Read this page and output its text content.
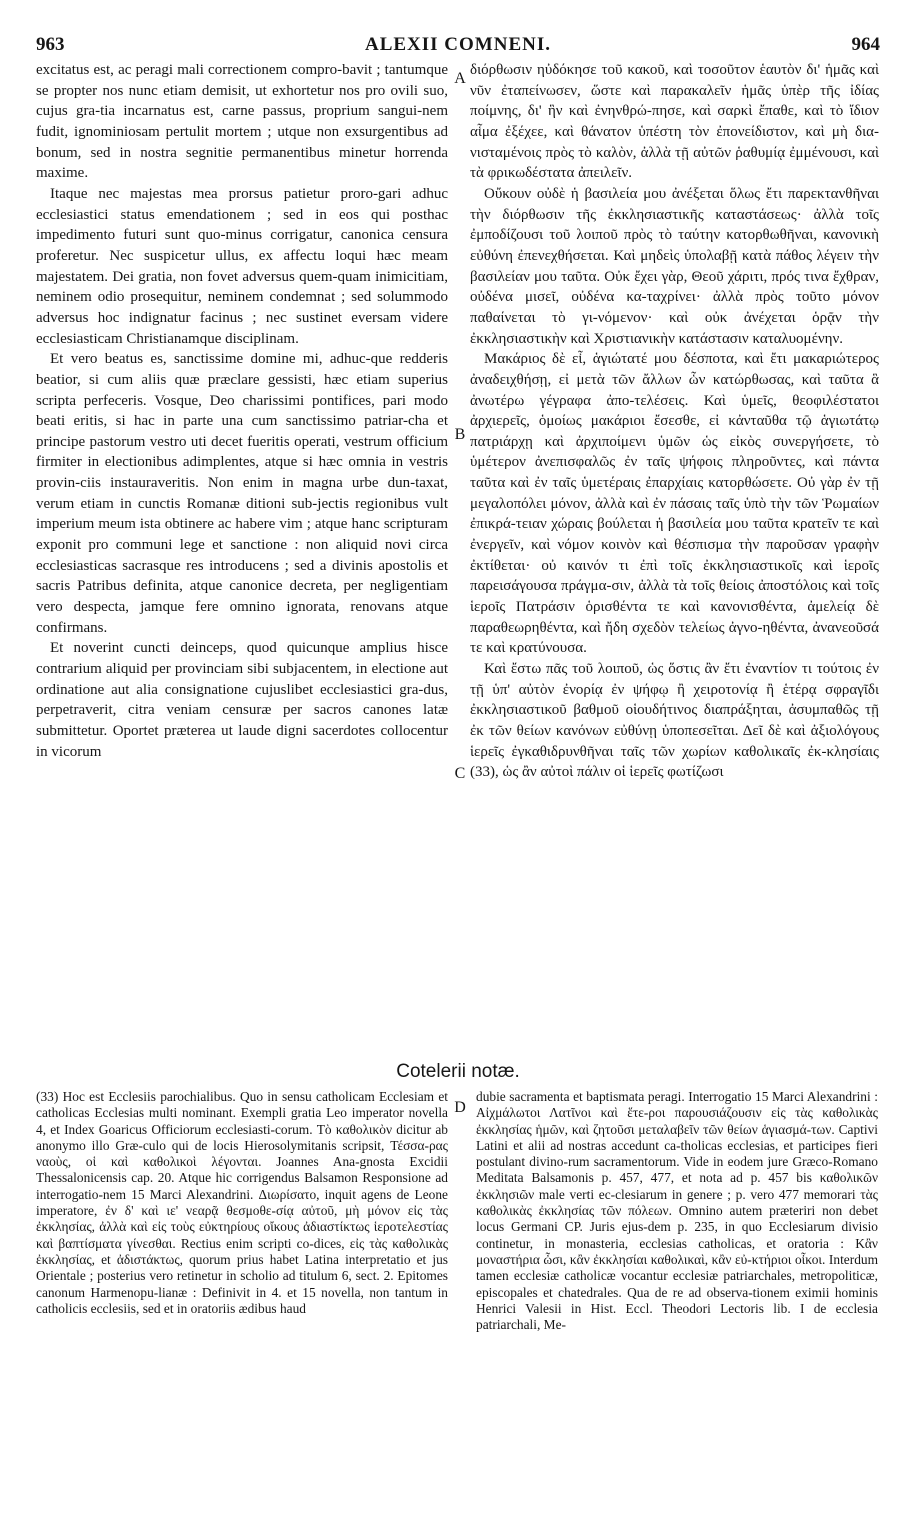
963	ALEXII COMNENI.	964

excitatus est, ac peragi mali correctionem compro-bavit ; tantumque se propter nos nunc etiam demisit, ut exhortetur nos pro ovili suo, cujus gra-tia incarnatus est, carne passus, proprium sangui-nem fudit, ignominiosam pertulit mortem ; utque non exsurgentibus ad bonum, sed in nostra segnitie permanentibus minetur horrenda maxime.

Itaque nec majestas mea prorsus patietur proro-gari adhuc ecclesiastici status emendationem ; sed in eos qui posthac impedimento futuri sunt quo-minus corrigatur, canonica censura proferetur. Nec suspicetur ullus, ex affectu loqui hæc meam majestatem. Dei gratia, non fovet adversus quem-quam inimicitiam, neminem odio prosequitur, neminem condemnat ; sed solummodo adversus hoc indignatur facinus ; nec sustinet eversam videre ecclesiasticam Christianamque disciplinam.

Et vero beatus es, sanctissime domine mi, adhuc-que redderis beatior, si cum aliis quæ præclare gessisti, hæc etiam superius scripta perfeceris. Vosque, Deo charissimi pontifices, pari modo beati eritis, si hac in parte una cum sanctissimo patriar-cha et principe pastorum vestro uti decet fueritis operati, vestrum officium firmiter in electionibus adimplentes, atque si hæc omnia in vestris provin-ciis instauraveritis. Non enim in magna urbe dun-taxat, verum etiam in cunctis Romanæ ditioni sub-jectis regionibus vult imperium meum ista obtinere ac habere vim ; atque hanc scripturam exponit pro communi lege et sanctione : non aliquid novi circa ecclesiasticas sacrasque res introducens ; sed a divinis apostolis et sacris Patribus definita, atque canonice decreta, per negligentiam vero despecta, jamque fere omnino ignorata, renovans atque confirmans.

Et noverint cuncti deinceps, quod quicunque amplius hisce contrarium aliquid per provinciam sibi subjacentem, in electione aut ordinatione aut alia consignatione cujuslibet ecclesiastici gra-dus, perpetraverit, citra veniam censuræ per sacros canones latæ submittetur. Oportet præterea ut laude digni sacerdotes collocentur in vicorum

διόρθωσιν ηὐδόκησε τοῦ κακοῦ, καὶ τοσοῦτον ἑαυτὸν δι' ἡμᾶς καὶ νῦν ἐταπείνωσεν, ὥστε καὶ παρακαλεῖν ἡμᾶς ὑπὲρ τῆς ἰδίας ποίμνης, δι' ἣν καὶ ἐνηνθρώ-πησε, καὶ σαρκὶ ἔπαθε, καὶ τὸ ἴδιον αἷμα ἐξέχεε, καὶ θάνατον ὑπέστη τὸν ἐπονείδιστον, καὶ μὴ δια-νισταμένοις πρὸς τὸ καλὸν, ἀλλὰ τῇ αὐτῶν ῥαθυμίᾳ ἐμμένουσι, καὶ τὰ φρικωδέστατα ἀπειλεῖν.

Οὔκουν οὐδὲ ἡ βασιλεία μου ἀνέξεται ὅλως ἔτι παρεκτανθῆναι τὴν διόρθωσιν τῆς ἐκκλησιαστικῆς καταστάσεως· ἀλλὰ τοῖς ἐμποδίζουσι τοῦ λοιποῦ πρὸς τὸ ταύτην κατορθωθῆναι, κανονικὴ εὐθύνη ἐπενεχθήσεται. Καὶ μηδεὶς ὑπολαβῇ κατὰ πάθος λέγειν τὴν βασιλείαν μου ταῦτα. Οὐκ ἔχει γὰρ, Θεοῦ χάριτι, πρός τινα ἔχθραν, οὐδένα μισεῖ, οὐδένα κα-ταχρίνει· ἀλλὰ πρὸς τοῦτο μόνον παθαίνεται τὸ γι-νόμενον· καὶ οὐκ ἀνέχεται ὁρᾷν τὴν ἐκκλησιαστικὴν καὶ Χριστιανικὴν κατάστασιν καταλυομένην.

Μακάριος δὲ εἶ, ἁγιώτατέ μου δέσποτα, καὶ ἔτι μακαριώτερος ἀναδειχθήσῃ, εἰ μετὰ τῶν ἄλλων ὧν κατώρθωσας, καὶ ταῦτα ἃ ἀνωτέρω γέγραφα ἀπο-τελέσεις. Καὶ ὑμεῖς, θεοφιλέστατοι ἀρχιερεῖς, ὁμοίως μακάριοι ἔσεσθε, εἰ κἀνταῦθα τῷ ἁγιωτάτῳ πατριάρχῃ καὶ ἀρχιποίμενι ὑμῶν ὡς εἰκὸς συνεργήσετε, τὸ ὑμέτερον ἀνεπισφαλῶς ἐν ταῖς ψήφοις πληροῦντες, καὶ πάντα ταῦτα καὶ ἐν ταῖς ὑμετέραις ἐπαρχίαις κατορθώσετε. Οὐ γὰρ ἐν τῇ μεγαλοπόλει μόνον, ἀλλὰ καὶ ἐν πάσαις ταῖς ὑπὸ τὴν τῶν Ῥωμαίων ἐπικρά-τειαν χώραις βούλεται ἡ βασιλεία μου ταῦτα κρατεῖν τε καὶ ἐνεργεῖν, καὶ νόμον κοινὸν καὶ θέσπισμα τὴν παροῦσαν γραφὴν ἐκτίθεται· οὐ καινόν τι ἐπὶ τοῖς ἐκκλησιαστικοῖς καὶ ἱεροῖς παρεισάγουσα πράγμα-σιν, ἀλλὰ τὰ τοῖς θείοις ἀποστόλοις καὶ τοῖς ἱεροῖς Πατράσιν ὁρισθέντα τε καὶ κανονισθέντα, ἀμελείᾳ δὲ παραθεωρηθέντα, καὶ ἤδη σχεδὸν τελείως ἀγνο-ηθέντα, ἀνανεοῦσά τε καὶ κρατύνουσα.

Καὶ ἔστω πᾶς τοῦ λοιποῦ, ὡς ὅστις ἂν ἔτι ἐναντίον τι τούτοις ἐν τῇ ὑπ' αὐτὸν ἐνορίᾳ ἐν ψήφῳ ἢ χειροτονίᾳ ἢ ἑτέρᾳ σφραγῖδι ἐκκλησιαστικοῦ βαθμοῦ οἱουδήτινος διαπράξηται, ἀσυμπαθῶς τῇ ἐκ τῶν θείων κανόνων εὐθύνῃ ὑποπεσεῖται. Δεῖ δὲ καὶ ἀξιολόγους ἱερεῖς ἐγκαθιδρυνθῆναι ταῖς τῶν χωρίων καθολικαῖς ἐκ-κλησίαις (33), ὡς ἂν αὐτοὶ πάλιν οἱ ἱερεῖς φωτίζωσι

A
B
C
D
Cotelerii notæ.

(33) Hoc est Ecclesiis parochialibus. Quo in sensu catholicam Ecclesiam et catholicas Ecclesias multi nominant. Exempli gratia Leo imperator novella 4, et Index Goaricus Officiorum ecclesiasti-corum. Τὸ καθολικὸν dicitur ab anonymo illo Græ-culo qui de locis Hierosolymitanis scripsit, Τέσσα-ρας ναοὺς, οἱ καὶ καθολικοὶ λέγονται. Joannes Ana-gnosta Excidii Thessalonicensis cap. 20. Atque hic corrigendus Balsamon Responsione ad interrogatio-nem 15 Marci Alexandrini. Διωρίσατο, inquit agens de Leone imperatore, ἐν δ' καὶ ιε' νεαρᾷ θεσμοθε-σίᾳ αὐτοῦ, μὴ μόνον εἰς τὰς ἐκκλησίας, ἀλλὰ καὶ εἰς τοὺς εὐκτηρίους οἴκους ἀδιαστίκτως ἱεροτελεστίας καὶ βαπτίσματα γίνεσθαι. Rectius enim scripti co-dices, εἰς τὰς καθολικὰς ἐκκλησίας, et ἀδιστάκτως, quorum prius habet Latina interpretatio et jus Orientale ; posterius vero retinetur in scholio ad titulum 6, sect. 2. Epitomes canonum Harmenopu-lianæ : Definivit in 4. et 15 novella, non tantum in catholicis ecclesiis, sed et in oratoriis ædibus haud

dubie sacramenta et baptismata peragi. Interrogatio 15 Marci Alexandrini : Αἰχμάλωτοι Λατῖνοι καὶ ἕτε-ροι παρουσιάζουσιν εἰς τὰς καθολικὰς ἐκκλησίας ἡμῶν, καὶ ζητοῦσι μεταλαβεῖν τῶν θείων ἁγιασμά-των. Captivi Latini et alii ad nostras accedunt ca-tholicas ecclesias, et participes fieri postulant divino-rum sacramentorum. Vide in eodem jure Græco-Romano Meditata Balsamonis p. 457, 477, et nota ad p. 457 bis καθολικῶν ἐκκλησιῶν male verti ec-clesiarum in genere ; p. vero 477 memorari τὰς καθολικὰς ἐκκλησίας τῶν πόλεων. Omnino autem præteriri non debet locus Germani CP. Juris ejus-dem p. 235, in quo Ecclesiarum divisio continetur, in monasteria, ecclesias catholicas, et oratoria : Κἂν μοναστήρια ὦσι, κἂν ἐκκλησίαι καθολικαὶ, κἂν εὐ-κτήριοι οἶκοι. Interdum tamen ecclesiæ catholicæ vocantur ecclesiæ patriarchales, metropoliticæ, episcopales et chatedrales. Qua de re ad observa-tionem eximii hominis Henrici Valesii in Hist. Eccl. Theodori Lectoris lib. I de ecclesia patriarchali, Me-
